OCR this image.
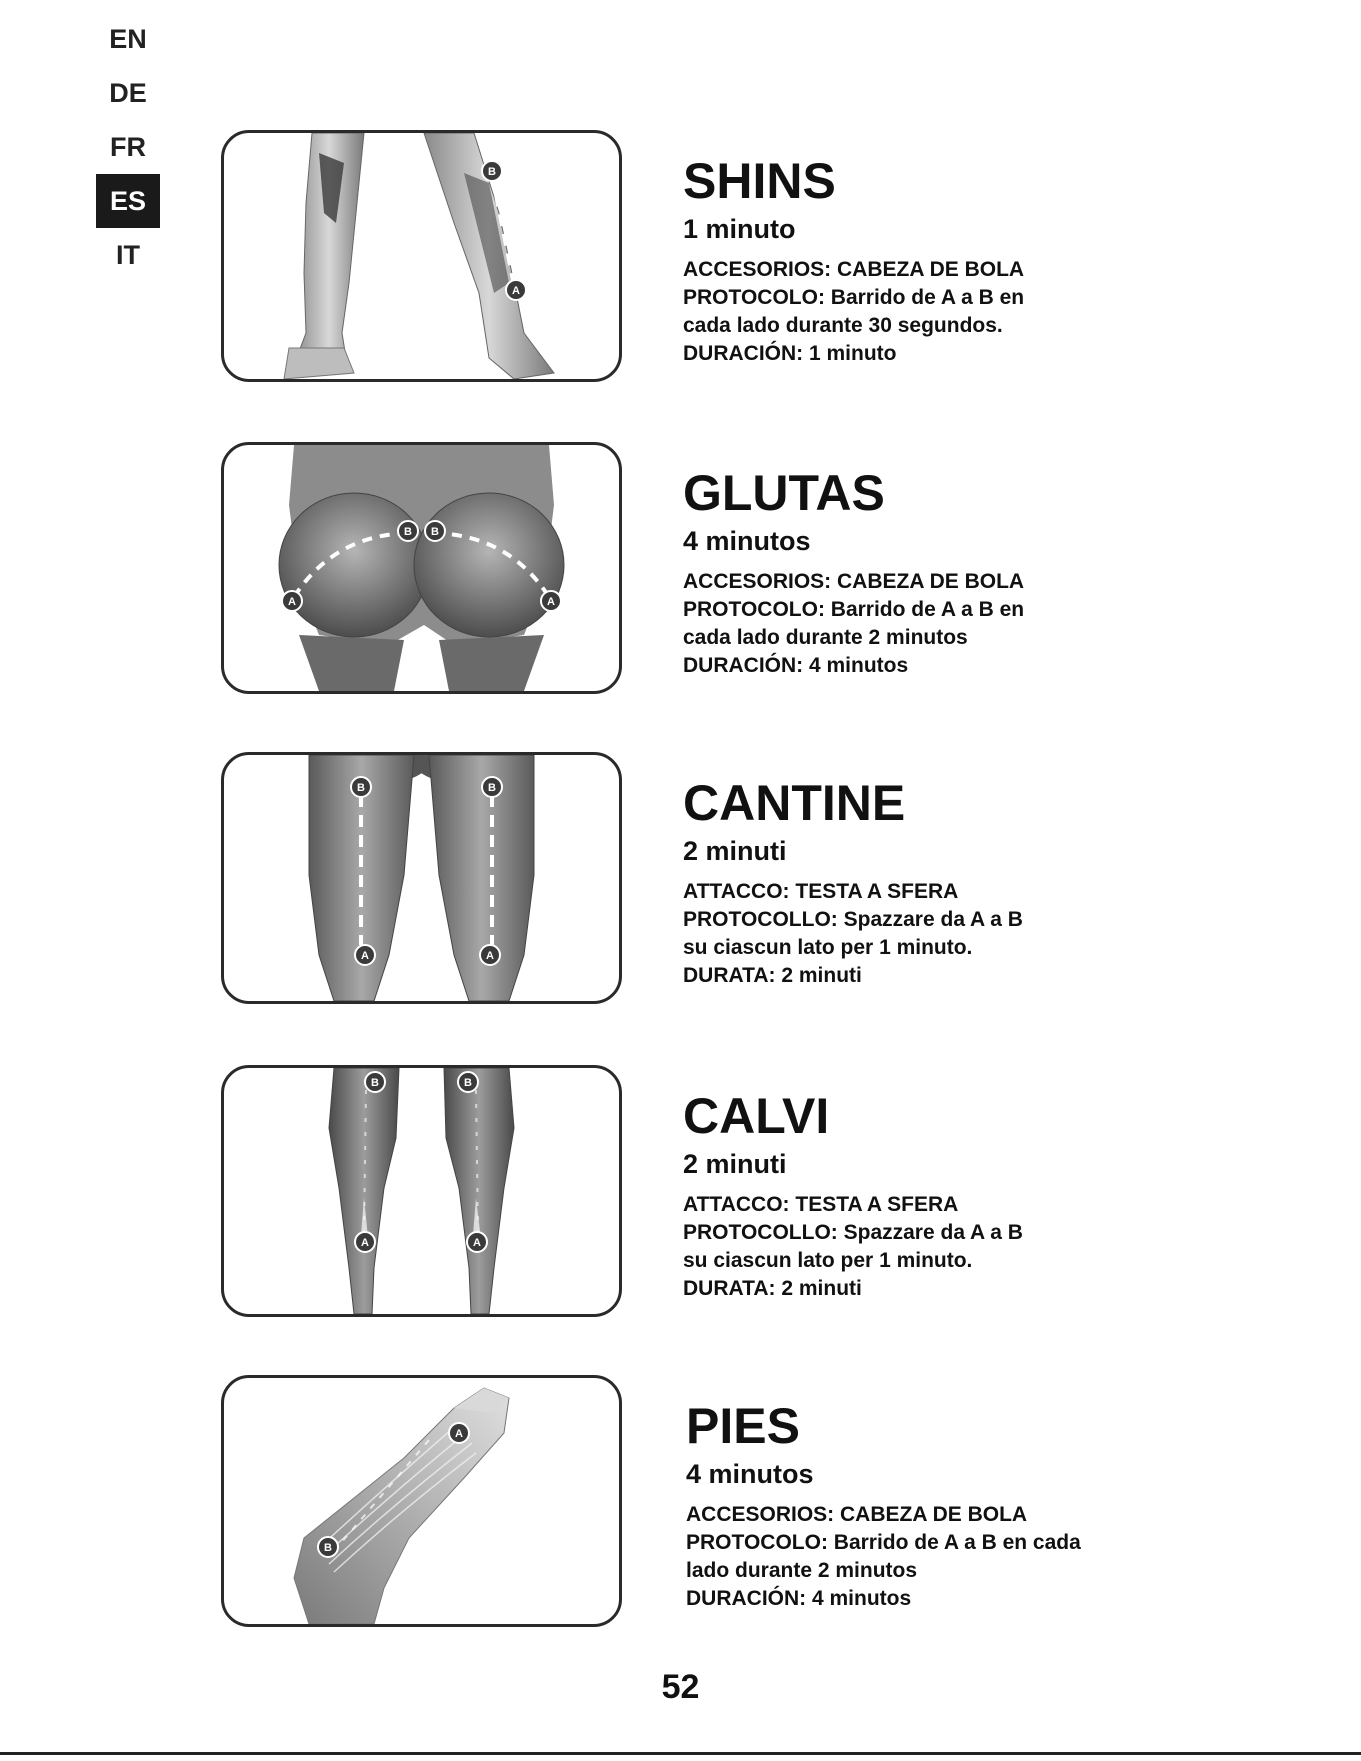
EN
DE
FR
ES
IT
B
A
SHINS
1 minuto
ACCESORIOS: CABEZA DE BOLA
PROTOCOLO: Barrido de A a B en
cada lado durante 30 segundos.
DURACIÓN: 1 minuto
A
B B
A
GLUTAS
4 minutos
ACCESORIOS: CABEZA DE BOLA
PROTOCOLO: Barrido de A a B en
cada lado durante 2 minutos
DURACIÓN: 4 minutos
B	B
A	A
CANTINE
2 minuti
ATTACCO: TESTA A SFERA
PROTOCOLLO: Spazzare da A a B
su ciascun lato per 1 minuto.
DURATA: 2 minuti
B	B
A	A
CALVI
2 minuti
ATTACCO: TESTA A SFERA
PROTOCOLLO: Spazzare da A a B
su ciascun lato per 1 minuto.
DURATA: 2 minuti
A
B
PIES
4 minutos
ACCESORIOS: CABEZA DE BOLA
PROTOCOLO: Barrido de A a B en cada
lado durante 2 minutos
DURACIÓN: 4 minutos
52
